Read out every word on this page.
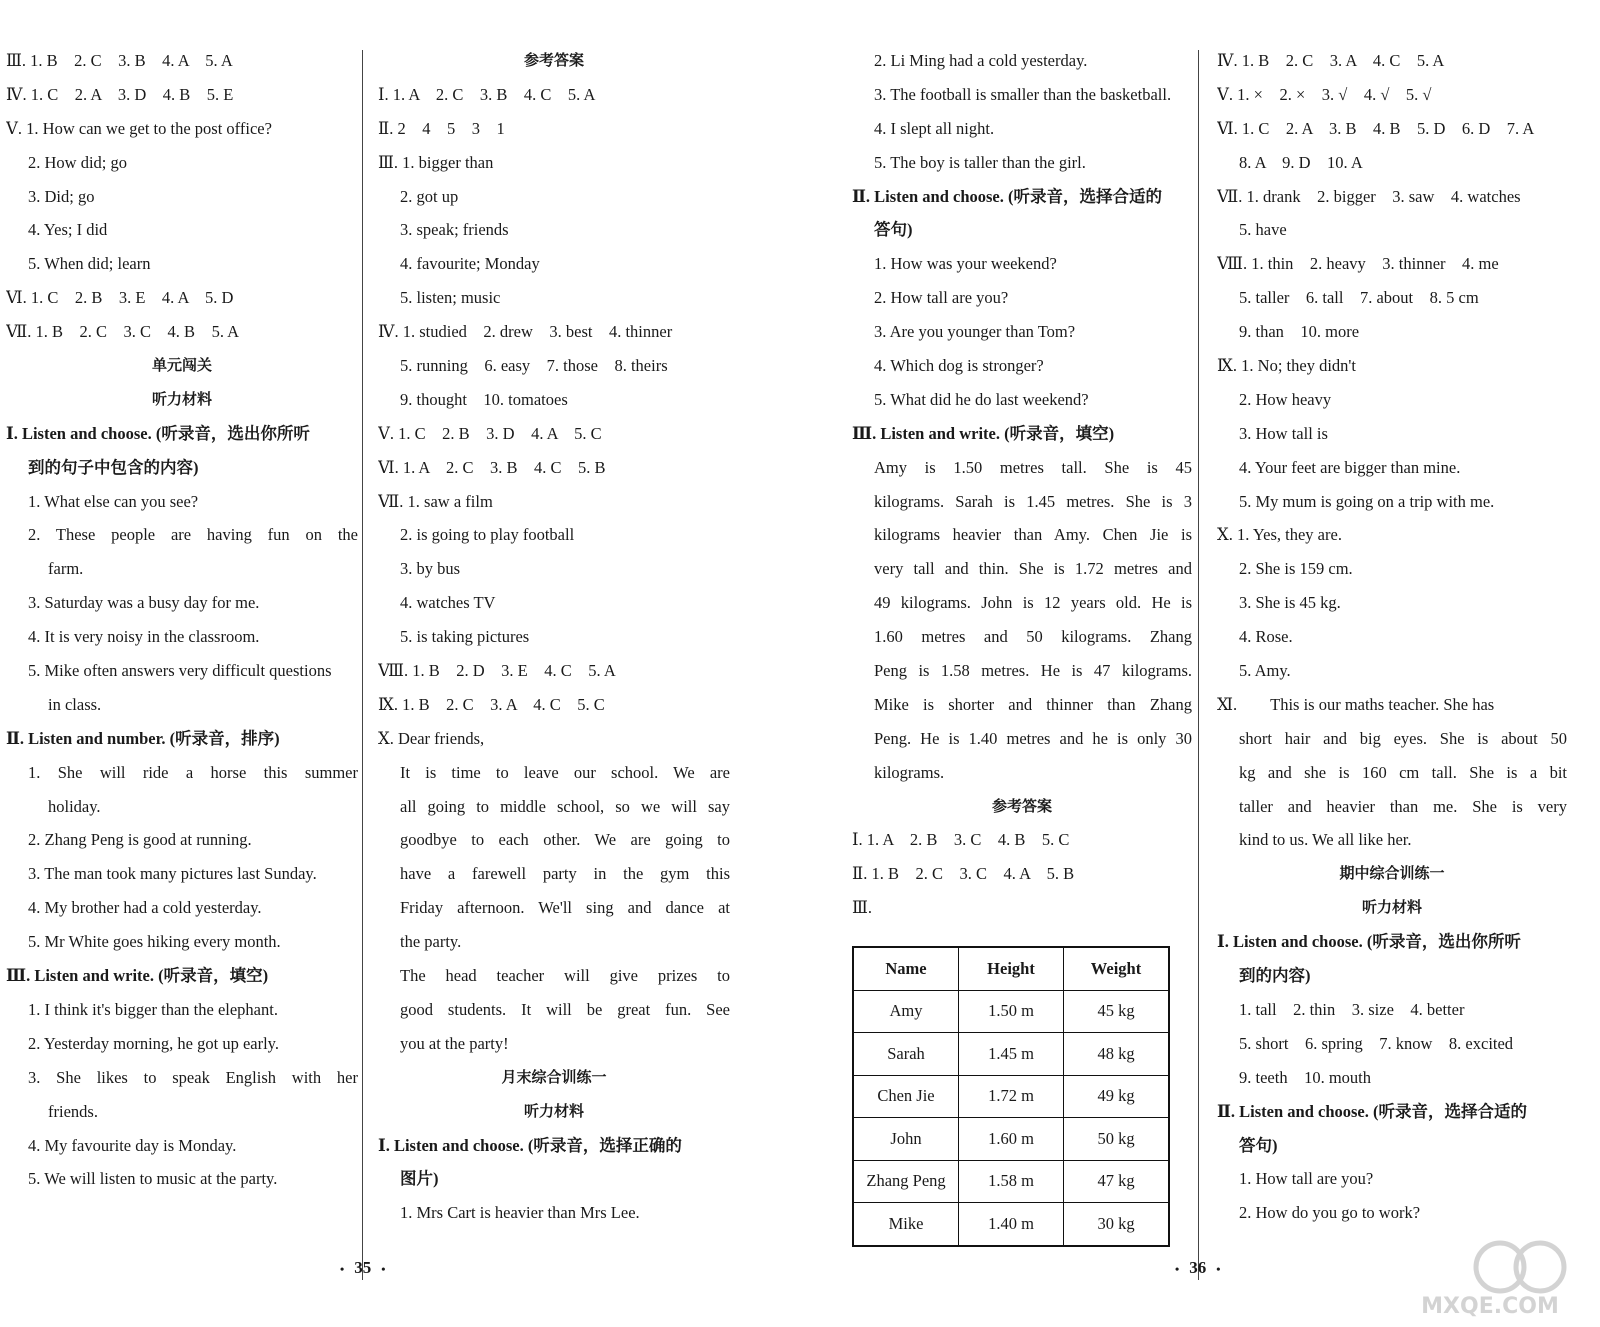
Ⅲ. 1. B　2. C　3. B　4. A　5. A
Ⅳ. 1. C　2. A　3. D　4. B　5. E
Ⅴ. 1. How can we get to the post office?
2. How did; go
3. Did; go
4. Yes; I did
5. When did; learn
Ⅵ. 1. C　2. B　3. E　4. A　5. D
Ⅶ. 1. B　2. C　3. C　4. B　5. A
单元闯关
听力材料
Ⅰ. Listen and choose. (听录音，选出你所听
到的句子中包含的内容)
1. What else can you see?
2. These people are having fun on the
farm.
3. Saturday was a busy day for me.
4. It is very noisy in the classroom.
5. Mike often answers very difficult questions
in class.
Ⅱ. Listen and number. (听录音，排序)
1. She will ride a horse this summer
holiday.
2. Zhang Peng is good at running.
3. The man took many pictures last Sunday.
4. My brother had a cold yesterday.
5. Mr White goes hiking every month.
Ⅲ. Listen and write. (听录音，填空)
1. I think it's bigger than the elephant.
2. Yesterday morning, he got up early.
3. She likes to speak English with her
friends.
4. My favourite day is Monday.
5. We will listen to music at the party.
参考答案
Ⅰ. 1. A　2. C　3. B　4. C　5. A
Ⅱ. 2　4　5　3　1
Ⅲ. 1. bigger than
2. got up
3. speak; friends
4. favourite; Monday
5. listen; music
Ⅳ. 1. studied　2. drew　3. best　4. thinner
5. running　6. easy　7. those　8. theirs
9. thought　10. tomatoes
Ⅴ. 1. C　2. B　3. D　4. A　5. C
Ⅵ. 1. A　2. C　3. B　4. C　5. B
Ⅶ. 1. saw a film
2. is going to play football
3. by bus
4. watches TV
5. is taking pictures
Ⅷ. 1. B　2. D　3. E　4. C　5. A
Ⅸ. 1. B　2. C　3. A　4. C　5. C
Ⅹ. Dear friends,
It is time to leave our school. We are
all going to middle school, so we will say
goodbye to each other. We are going to
have a farewell party in the gym this
Friday afternoon. We'll sing and dance at
the party.
The head teacher will give prizes to
good students. It will be great fun. See
you at the party!
月末综合训练一
听力材料
Ⅰ. Listen and choose. (听录音，选择正确的
图片)
1. Mrs Cart is heavier than Mrs Lee.
2. Li Ming had a cold yesterday.
3. The football is smaller than the basketball.
4. I slept all night.
5. The boy is taller than the girl.
Ⅱ. Listen and choose. (听录音，选择合适的
答句)
1. How was your weekend?
2. How tall are you?
3. Are you younger than Tom?
4. Which dog is stronger?
5. What did he do last weekend?
Ⅲ. Listen and write. (听录音，填空)
Amy is 1.50 metres tall. She is 45
kilograms. Sarah is 1.45 metres. She is 3
kilograms heavier than Amy. Chen Jie is
very tall and thin. She is 1.72 metres and
49 kilograms. John is 12 years old. He is
1.60 metres and 50 kilograms. Zhang
Peng is 1.58 metres. He is 47 kilograms.
Mike is shorter and thinner than Zhang
Peng. He is 1.40 metres and he is only 30
kilograms.
参考答案
Ⅰ. 1. A　2. B　3. C　4. B　5. C
Ⅱ. 1. B　2. C　3. C　4. A　5. B
Ⅲ.
Ⅳ. 1. B　2. C　3. A　4. C　5. A
Ⅴ. 1. ×　2. ×　3. √　4. √　5. √
Ⅵ. 1. C　2. A　3. B　4. B　5. D　6. D　7. A
8. A　9. D　10. A
Ⅶ. 1. drank　2. bigger　3. saw　4. watches
5. have
Ⅷ. 1. thin　2. heavy　3. thinner　4. me
5. taller　6. tall　7. about　8. 5 cm
9. than　10. more
Ⅸ. 1. No; they didn't
2. How heavy
3. How tall is
4. Your feet are bigger than mine.
5. My mum is going on a trip with me.
Ⅹ. 1. Yes, they are.
2. She is 159 cm.
3. She is 45 kg.
4. Rose.
5. Amy.
Ⅺ.　　This is our maths teacher. She has
short hair and big eyes. She is about 50
kg and she is 160 cm tall. She is a bit
taller and heavier than me. She is very
kind to us. We all like her.
期中综合训练一
听力材料
Ⅰ. Listen and choose. (听录音，选出你所听
到的内容)
1. tall　2. thin　3. size　4. better
5. short　6. spring　7. know　8. excited
9. teeth　10. mouth
Ⅱ. Listen and choose. (听录音，选择合适的
答句)
1. How tall are you?
2. How do you go to work?
Name	Height	Weight
Amy	1.50 m	45 kg
Sarah	1.45 m	48 kg
Chen Jie	1.72 m	49 kg
John	1.60 m	50 kg
Zhang Peng	1.58 m	47 kg
Mike	1.40 m	30 kg
• 35 •	• 36 •
MXQE.COM
